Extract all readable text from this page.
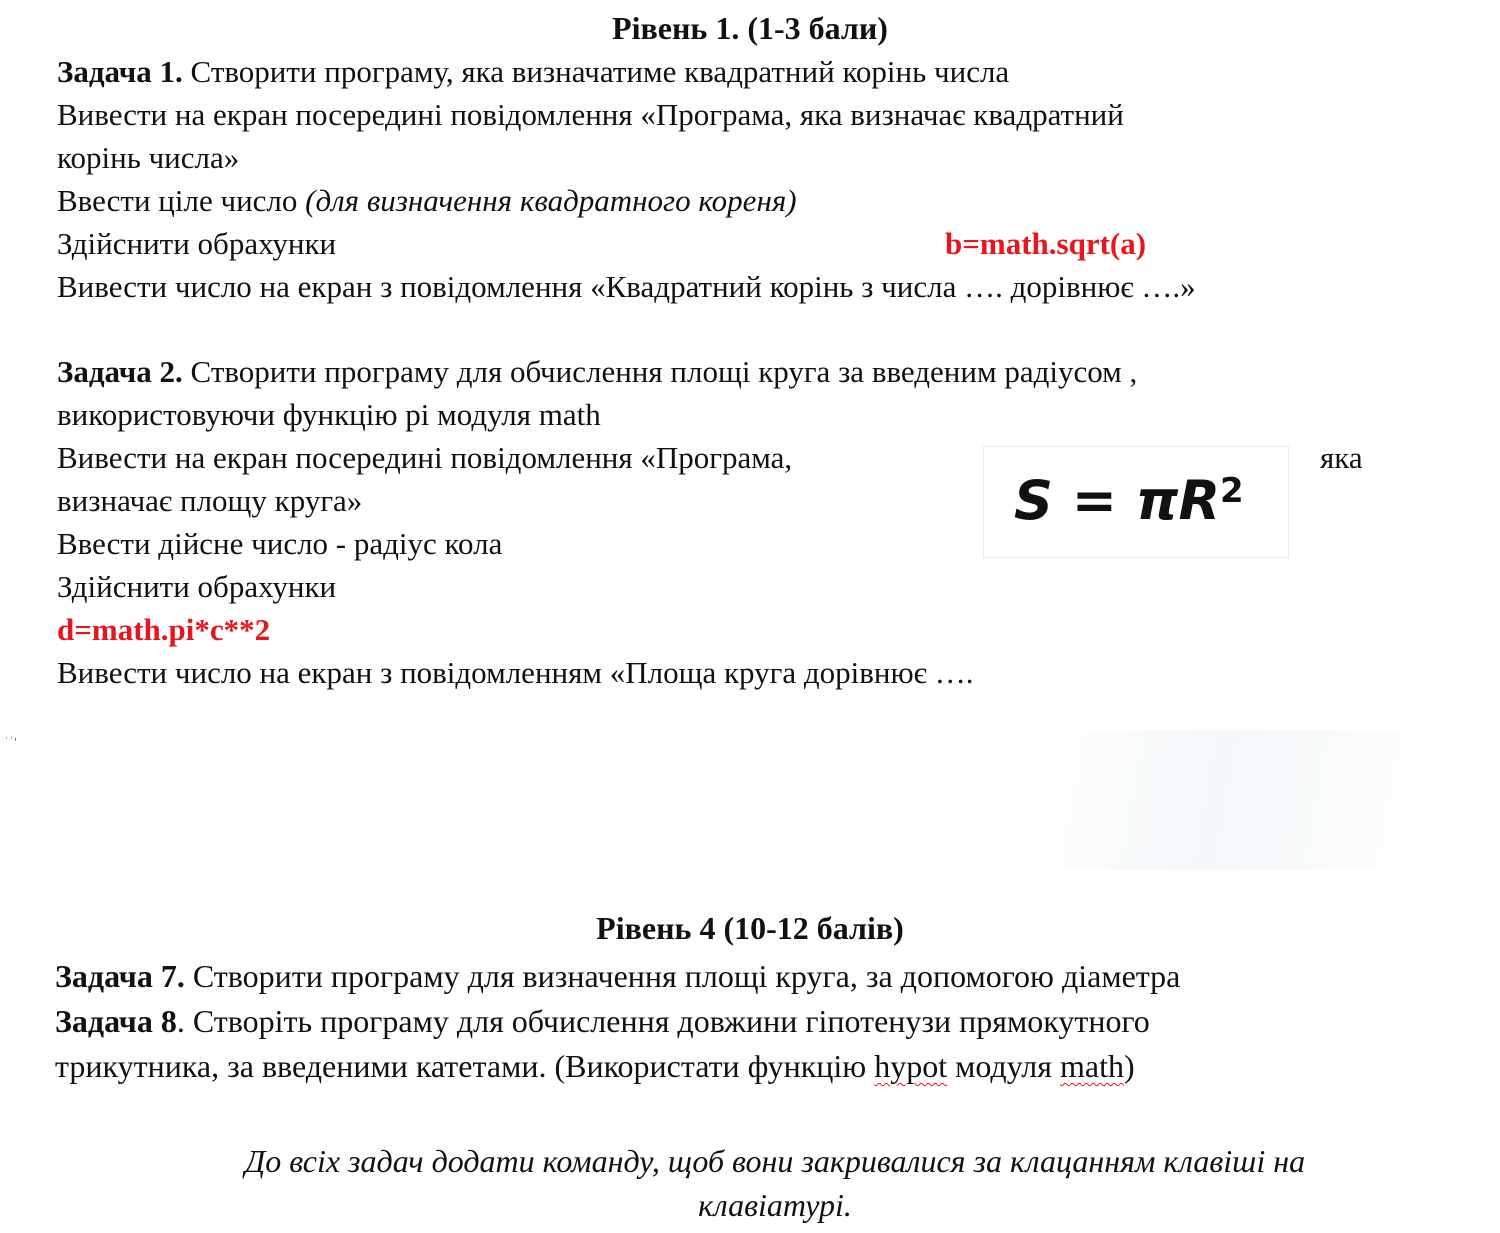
Рівень 1. (1-3 бали)
Задача 1. Створити програму, яка визначатиме квадратний корінь числа
Вивести на екран посередині повідомлення «Програма, яка визначає квадратний
корінь числа»
Ввести ціле число (для визначення квадратного кореня)
Здійснити обрахунки	b=math.sqrt(a)
Вивести число на екран з повідомлення «Квадратний корінь з числа …. дорівнює ….»
Задача 2. Створити програму для обчислення площі круга за введеним радіусом ,
використовуючи функцію pi модуля math
Вивести на екран посередині повідомлення «Програма,	яка
визначає площу круга»
Ввести дійсне число - радіус кола
Здійснити обрахунки
d=math.pi*c**2
Вивести число на екран з повідомленням «Площа круга дорівнює ….
$S = \pi R^2$
˙˙'
Рівень 4 (10-12 балів)
Задача 7. Створити програму для визначення площі круга, за допомогою діаметра
Задача 8. Створіть програму для обчислення довжини гіпотенузи прямокутного
трикутника, за введеними катетами. (Використати функцію hypot модуля math)
До всіх задач додати команду, щоб вони закривалися за клацанням клавіші на
клавіатурі.
